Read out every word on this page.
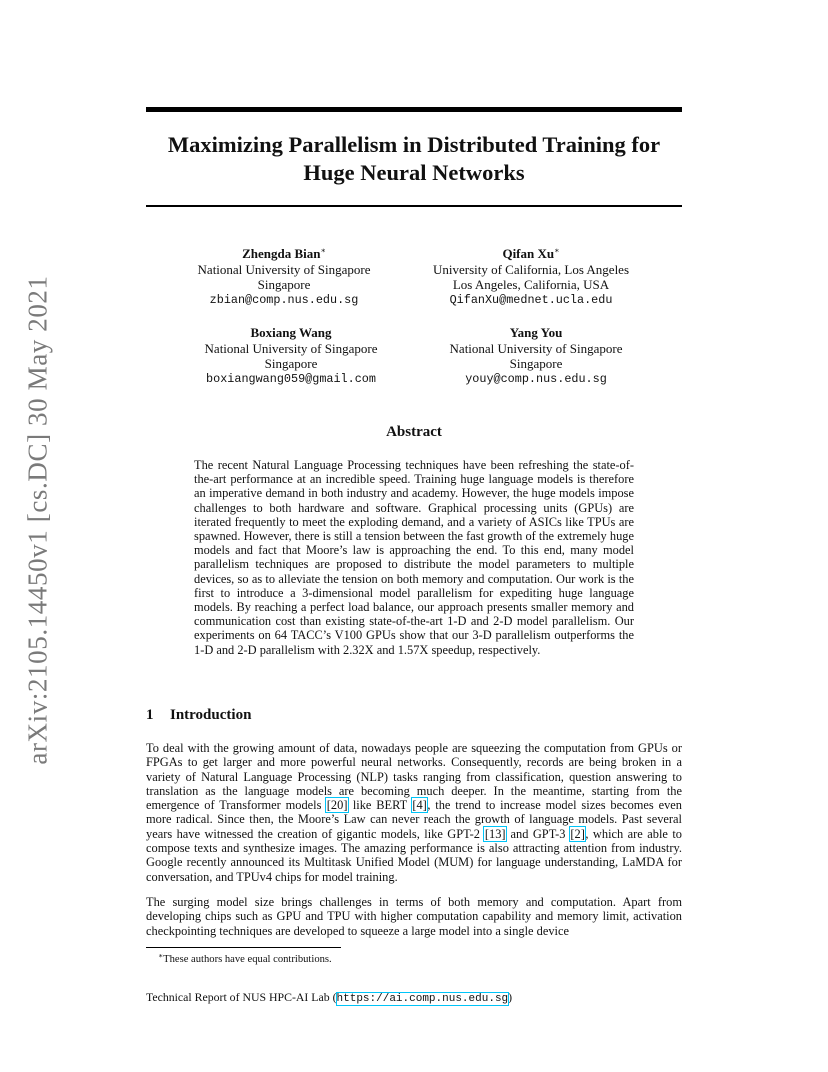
arXiv:2105.14450v1 [cs.DC] 30 May 2021
Maximizing Parallelism in Distributed Training for Huge Neural Networks
Zhengda Bian∗
National University of Singapore
Singapore
zbian@comp.nus.edu.sg
Qifan Xu∗
University of California, Los Angeles
Los Angeles, California, USA
QifanXu@mednet.ucla.edu
Boxiang Wang
National University of Singapore
Singapore
boxiangwang059@gmail.com
Yang You
National University of Singapore
Singapore
youy@comp.nus.edu.sg
Abstract

The recent Natural Language Processing techniques have been refreshing the state-of-the-art performance at an incredible speed. Training huge language models is therefore an imperative demand in both industry and academy. However, the huge models impose challenges to both hardware and software. Graphical processing units (GPUs) are iterated frequently to meet the exploding demand, and a variety of ASICs like TPUs are spawned. However, there is still a tension between the fast growth of the extremely huge models and fact that Moore’s law is approaching the end. To this end, many model parallelism techniques are proposed to distribute the model parameters to multiple devices, so as to alleviate the tension on both memory and computation. Our work is the first to introduce a 3-dimensional model parallelism for expediting huge language models. By reaching a perfect load balance, our approach presents smaller memory and communication cost than existing state-of-the-art 1-D and 2-D model parallelism. Our experiments on 64 TACC’s V100 GPUs show that our 3-D parallelism outperforms the 1-D and 2-D parallelism with 2.32X and 1.57X speedup, respectively.

1 Introduction

To deal with the growing amount of data, nowadays people are squeezing the computation from GPUs or FPGAs to get larger and more powerful neural networks. Consequently, records are being broken in a variety of Natural Language Processing (NLP) tasks ranging from classification, question answering to translation as the language models are becoming much deeper. In the meantime, starting from the emergence of Transformer models [20] like BERT [4], the trend to increase model sizes becomes even more radical. Since then, the Moore’s Law can never reach the growth of language models. Past several years have witnessed the creation of gigantic models, like GPT-2 [13] and GPT-3 [2], which are able to compose texts and synthesize images. The amazing performance is also attracting attention from industry. Google recently announced its Multitask Unified Model (MUM) for language understanding, LaMDA for conversation, and TPUv4 chips for model training.

The surging model size brings challenges in terms of both memory and computation. Apart from developing chips such as GPU and TPU with higher computation capability and memory limit, activation checkpointing techniques are developed to squeeze a large model into a single device

∗These authors have equal contributions.

Technical Report of NUS HPC-AI Lab (https://ai.comp.nus.edu.sg)
